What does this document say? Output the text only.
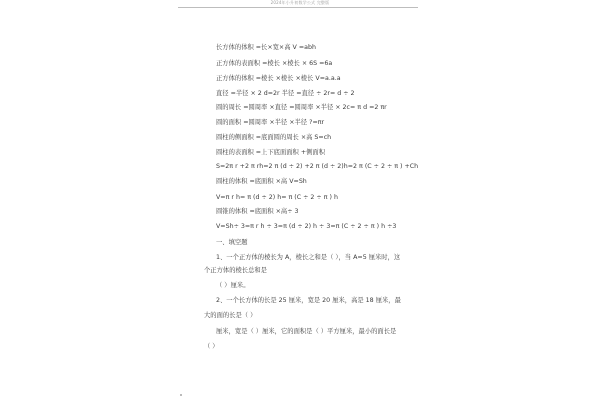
2024年小升初数学公式 完整版
长方体的体积 =长×宽×高 V =abh
正方体的表面积 =棱长 ×棱长 × 6S =6a
正方体的体积 =棱长 ×棱长 ×棱长 V=a.a.a
直径 =半径 × 2 d=2r 半径 =直径 ÷ 2r= d ÷ 2
圆的周长 =圆周率 ×直径 =圆周率 ×半径 × 2c= π d =2 πr
圆的面积 =圆周率 ×半径 ×半径 ?=πr
圆柱的侧面积 =底面圆的周长 ×高 S=ch
圆柱的表面积 =上下底面面积 +侧面积
S=2π r +2 π rh=2 π (d ÷ 2) +2 π (d ÷ 2)h=2 π (C ÷ 2 ÷ π ) +Ch
圆柱的体积 =底面积 ×高 V=Sh
V=π r h= π (d ÷ 2) h= π (C ÷ 2 ÷ π ) h
圆锥的体积 =底面积 ×高÷ 3
V=Sh÷ 3=π r h ÷ 3=π (d ÷ 2) h ÷ 3=π (C ÷ 2 ÷ π ) h ÷3
一、填空题
1、一个正方体的棱长为 A，棱长之和是（ ），当 A=5 厘米时，这
个正方体的棱长总和是
（ ）厘米。
2、一个长方体的长是 25 厘米，宽是 20 厘米，高是 18 厘米，最
大的面的长是（ ）
厘米，宽是（ ）厘米，它的面积是（ ）平方厘米，最小的面长是
（ ）
